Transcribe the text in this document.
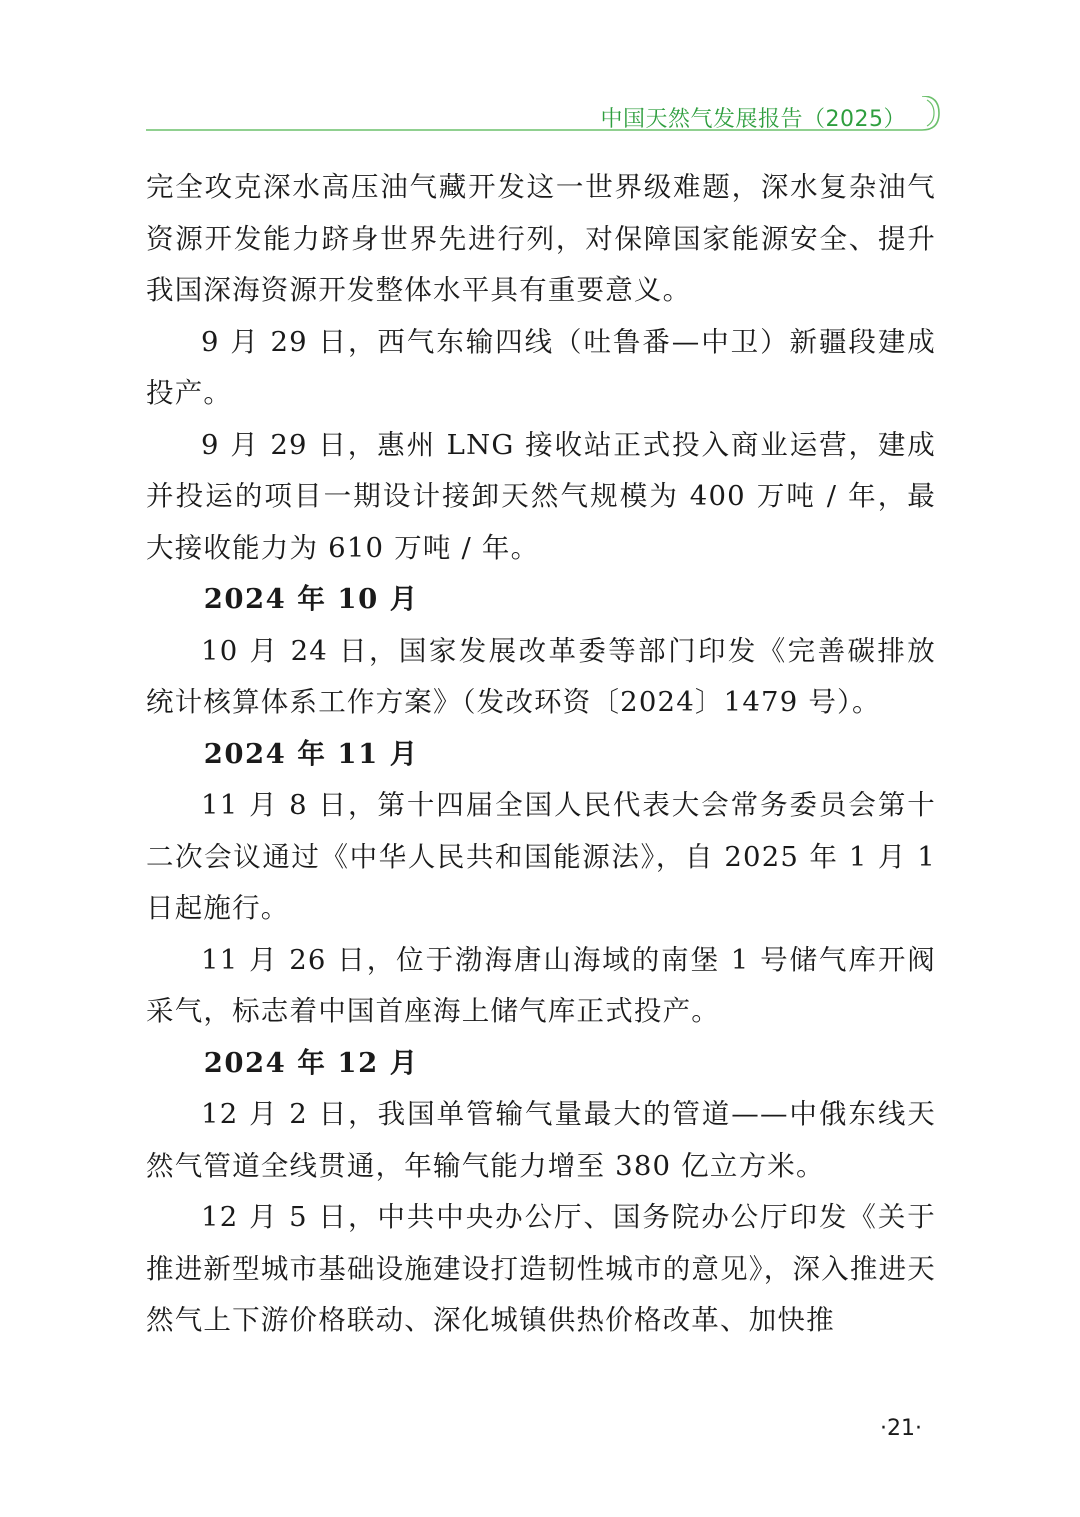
中国天然气发展报告（2025）

完全攻克深水高压油气藏开发这一世界级难题，深水复杂油气资源开发能力跻身世界先进行列，对保障国家能源安全、提升我国深海资源开发整体水平具有重要意义。

9 月 29 日，西气东输四线（吐鲁番—中卫）新疆段建成投产。

9 月 29 日，惠州 LNG 接收站正式投入商业运营，建成并投运的项目一期设计接卸天然气规模为 400 万吨 / 年，最大接收能力为 610 万吨 / 年。

2024 年 10 月

10 月 24 日，国家发展改革委等部门印发《完善碳排放统计核算体系工作方案》（发改环资〔2024〕1479 号）。

2024 年 11 月

11 月 8 日，第十四届全国人民代表大会常务委员会第十二次会议通过《中华人民共和国能源法》，自 2025 年 1 月 1 日起施行。

11 月 26 日，位于渤海唐山海域的南堡 1 号储气库开阀采气，标志着中国首座海上储气库正式投产。

2024 年 12 月

12 月 2 日，我国单管输气量最大的管道——中俄东线天然气管道全线贯通，年输气能力增至 380 亿立方米。

12 月 5 日，中共中央办公厅、国务院办公厅印发《关于推进新型城市基础设施建设打造韧性城市的意见》，深入推进天然气上下游价格联动、深化城镇供热价格改革、加快推

·21·
